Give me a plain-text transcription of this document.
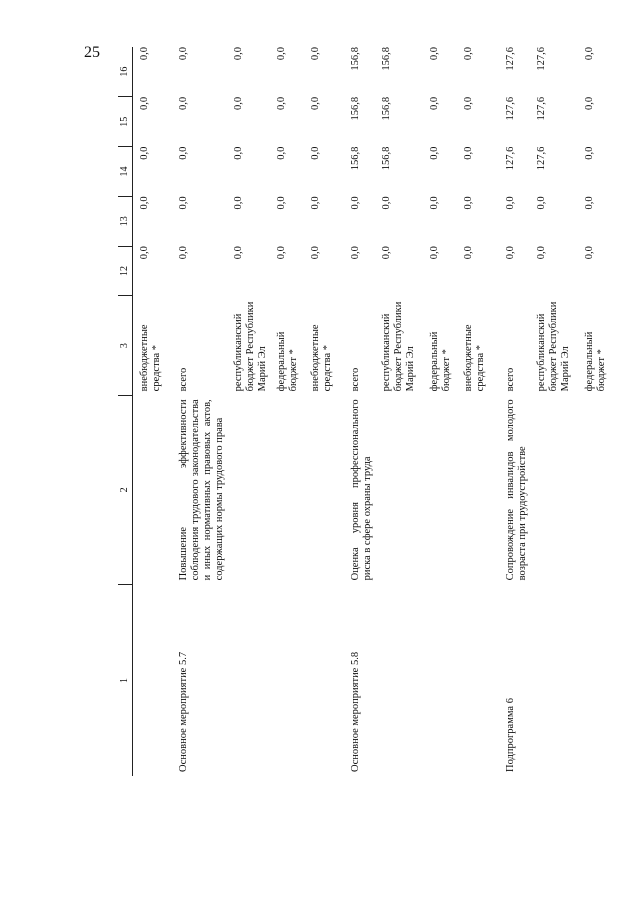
25
1	2	3	12	13	14	15	16
		внебюджетные средства *	0,0	0,0	0,0	0,0	0,0
Основное мероприятие 5.7	Повышение эффективности соблюдения трудового законодательства и иных нормативных правовых актов, содержащих нормы трудового права	всего	0,0	0,0	0,0	0,0	0,0
		республиканский бюджет Республики Марий Эл	0,0	0,0	0,0	0,0	0,0
		федеральный бюджет *	0,0	0,0	0,0	0,0	0,0
		внебюджетные средства *	0,0	0,0	0,0	0,0	0,0
Основное мероприятие 5.8	Оценка уровня профессионального риска в сфере охраны труда	всего	0,0	0,0	156,8	156,8	156,8
		республиканский бюджет Республики Марий Эл	0,0	0,0	156,8	156,8	156,8
		федеральный бюджет *	0,0	0,0	0,0	0,0	0,0
		внебюджетные средства *	0,0	0,0	0,0	0,0	0,0
Подпрограмма 6	Сопровождение инвалидов молодого возраста при трудоустройстве	всего	0,0	0,0	127,6	127,6	127,6
		республиканский бюджет Республики Марий Эл	0,0	0,0	127,6	127,6	127,6
		федеральный бюджет *	0,0	0,0	0,0	0,0	0,0
